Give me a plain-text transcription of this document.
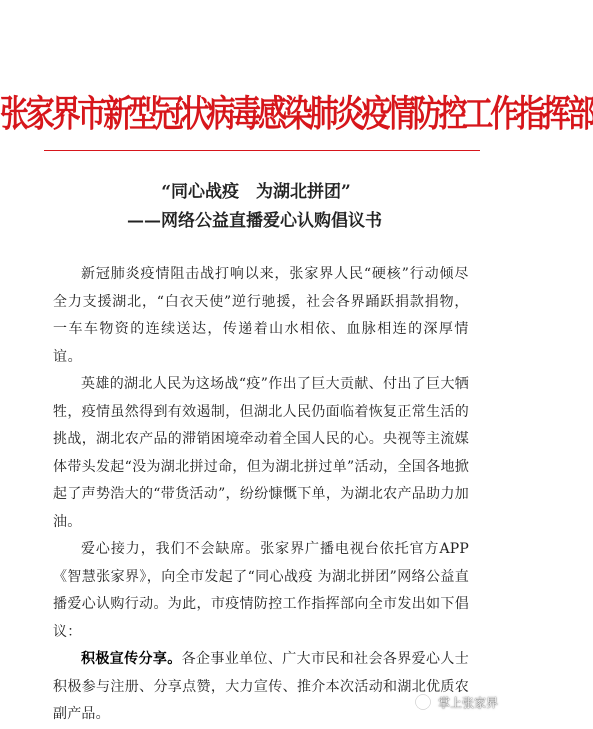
张家界市新型冠状病毒感染肺炎疫情防控工作指挥部
“同心战疫　为湖北拼团”
——网络公益直播爱心认购倡议书

新冠肺炎疫情阻击战打响以来，张家界人民“硬核”行动倾尽全力支援湖北，“白衣天使”逆行驰援，社会各界踊跃捐款捐物，一车车物资的连续送达，传递着山水相依、血脉相连的深厚情谊。

英雄的湖北人民为这场战“疫”作出了巨大贡献、付出了巨大牺牲，疫情虽然得到有效遏制，但湖北人民仍面临着恢复正常生活的挑战，湖北农产品的滞销困境牵动着全国人民的心。央视等主流媒体带头发起“没为湖北拼过命，但为湖北拼过单”活动，全国各地掀起了声势浩大的“带货活动”，纷纷慷慨下单，为湖北农产品助力加油。

爱心接力，我们不会缺席。张家界广播电视台依托官方APP《智慧张家界》，向全市发起了“同心战疫 为湖北拼团”网络公益直播爱心认购行动。为此，市疫情防控工作指挥部向全市发出如下倡议：

积极宣传分享。各企事业单位、广大市民和社会各界爱心人士积极参与注册、分享点赞，大力宣传、推介本次活动和湖北优质农副产品。

掌上张家界
